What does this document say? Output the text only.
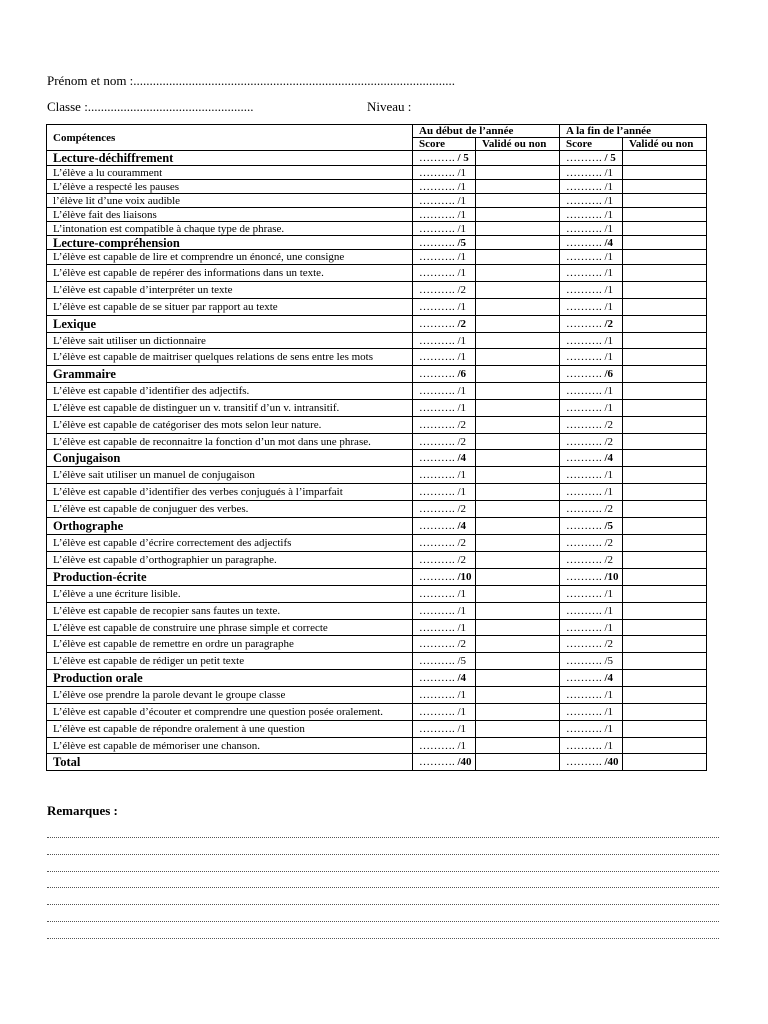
Prénom et nom :...................................................................................................
Classe :...................................................	Niveau :
Compétences	Au début de l’année		A la fin de l’année	
	Score	Validé ou non	Score	Validé ou non
Lecture-déchiffrement	………. / 5		………. / 5	
L’élève a lu couramment	………. /1		………. /1	
L’élève a respecté les pauses	………. /1		………. /1	
l’élève lit d’une voix audible	………. /1		………. /1	
L’élève fait des liaisons	………. /1		………. /1	
L’intonation est compatible à chaque type de phrase.	………. /1		………. /1	
Lecture-compréhension	………. /5		………. /4	
L’élève est capable de lire et comprendre un énoncé, une consigne	………. /1		………. /1	
L’élève est capable de repérer des informations dans un texte.	………. /1		………. /1	
L’élève est capable d’interpréter un texte	………. /2		………. /1	
L’élève est capable de se situer par rapport au texte	………. /1		………. /1	
Lexique	………. /2		………. /2	
L’élève sait utiliser un dictionnaire	………. /1		………. /1	
L’élève est capable de maitriser quelques relations de sens entre les mots	………. /1		………. /1	
Grammaire	………. /6		………. /6	
L’élève est capable d’identifier des adjectifs.	………. /1		………. /1	
L’élève est capable de distinguer un v. transitif d’un v. intransitif.	………. /1		………. /1	
L’élève est capable de catégoriser des mots selon leur nature.	………. /2		………. /2	
L’élève est capable de reconnaitre la fonction d’un mot dans une phrase.	………. /2		………. /2	
Conjugaison	………. /4		………. /4	
L’élève sait utiliser un manuel de conjugaison	………. /1		………. /1	
L’élève est capable d’identifier des verbes conjugués à l’imparfait	………. /1		………. /1	
L’élève est capable de conjuguer des verbes.	………. /2		………. /2	
Orthographe	………. /4		………. /5	
L’élève est capable d’écrire correctement des adjectifs	………. /2		………. /2	
L’élève est capable d’orthographier un paragraphe.	………. /2		………. /2	
Production-écrite	………. /10		………. /10	
L’élève a une écriture lisible.	………. /1		………. /1	
L’élève est capable de recopier sans fautes un texte.	………. /1		………. /1	
L’élève est capable de construire une phrase simple et correcte	………. /1		………. /1	
L’élève est capable de remettre en ordre un paragraphe	………. /2		………. /2	
L’élève est capable de rédiger un petit texte	………. /5		………. /5	
Production orale	………. /4		………. /4	
L’élève ose prendre la parole devant le groupe classe	………. /1		………. /1	
L’élève est capable d’écouter et comprendre une question posée oralement.	………. /1		………. /1	
L’élève est capable de répondre oralement à une question	………. /1		………. /1	
L’élève est capable de mémoriser une chanson.	………. /1		………. /1	
Total	………. /40		………. /40	
Remarques :
